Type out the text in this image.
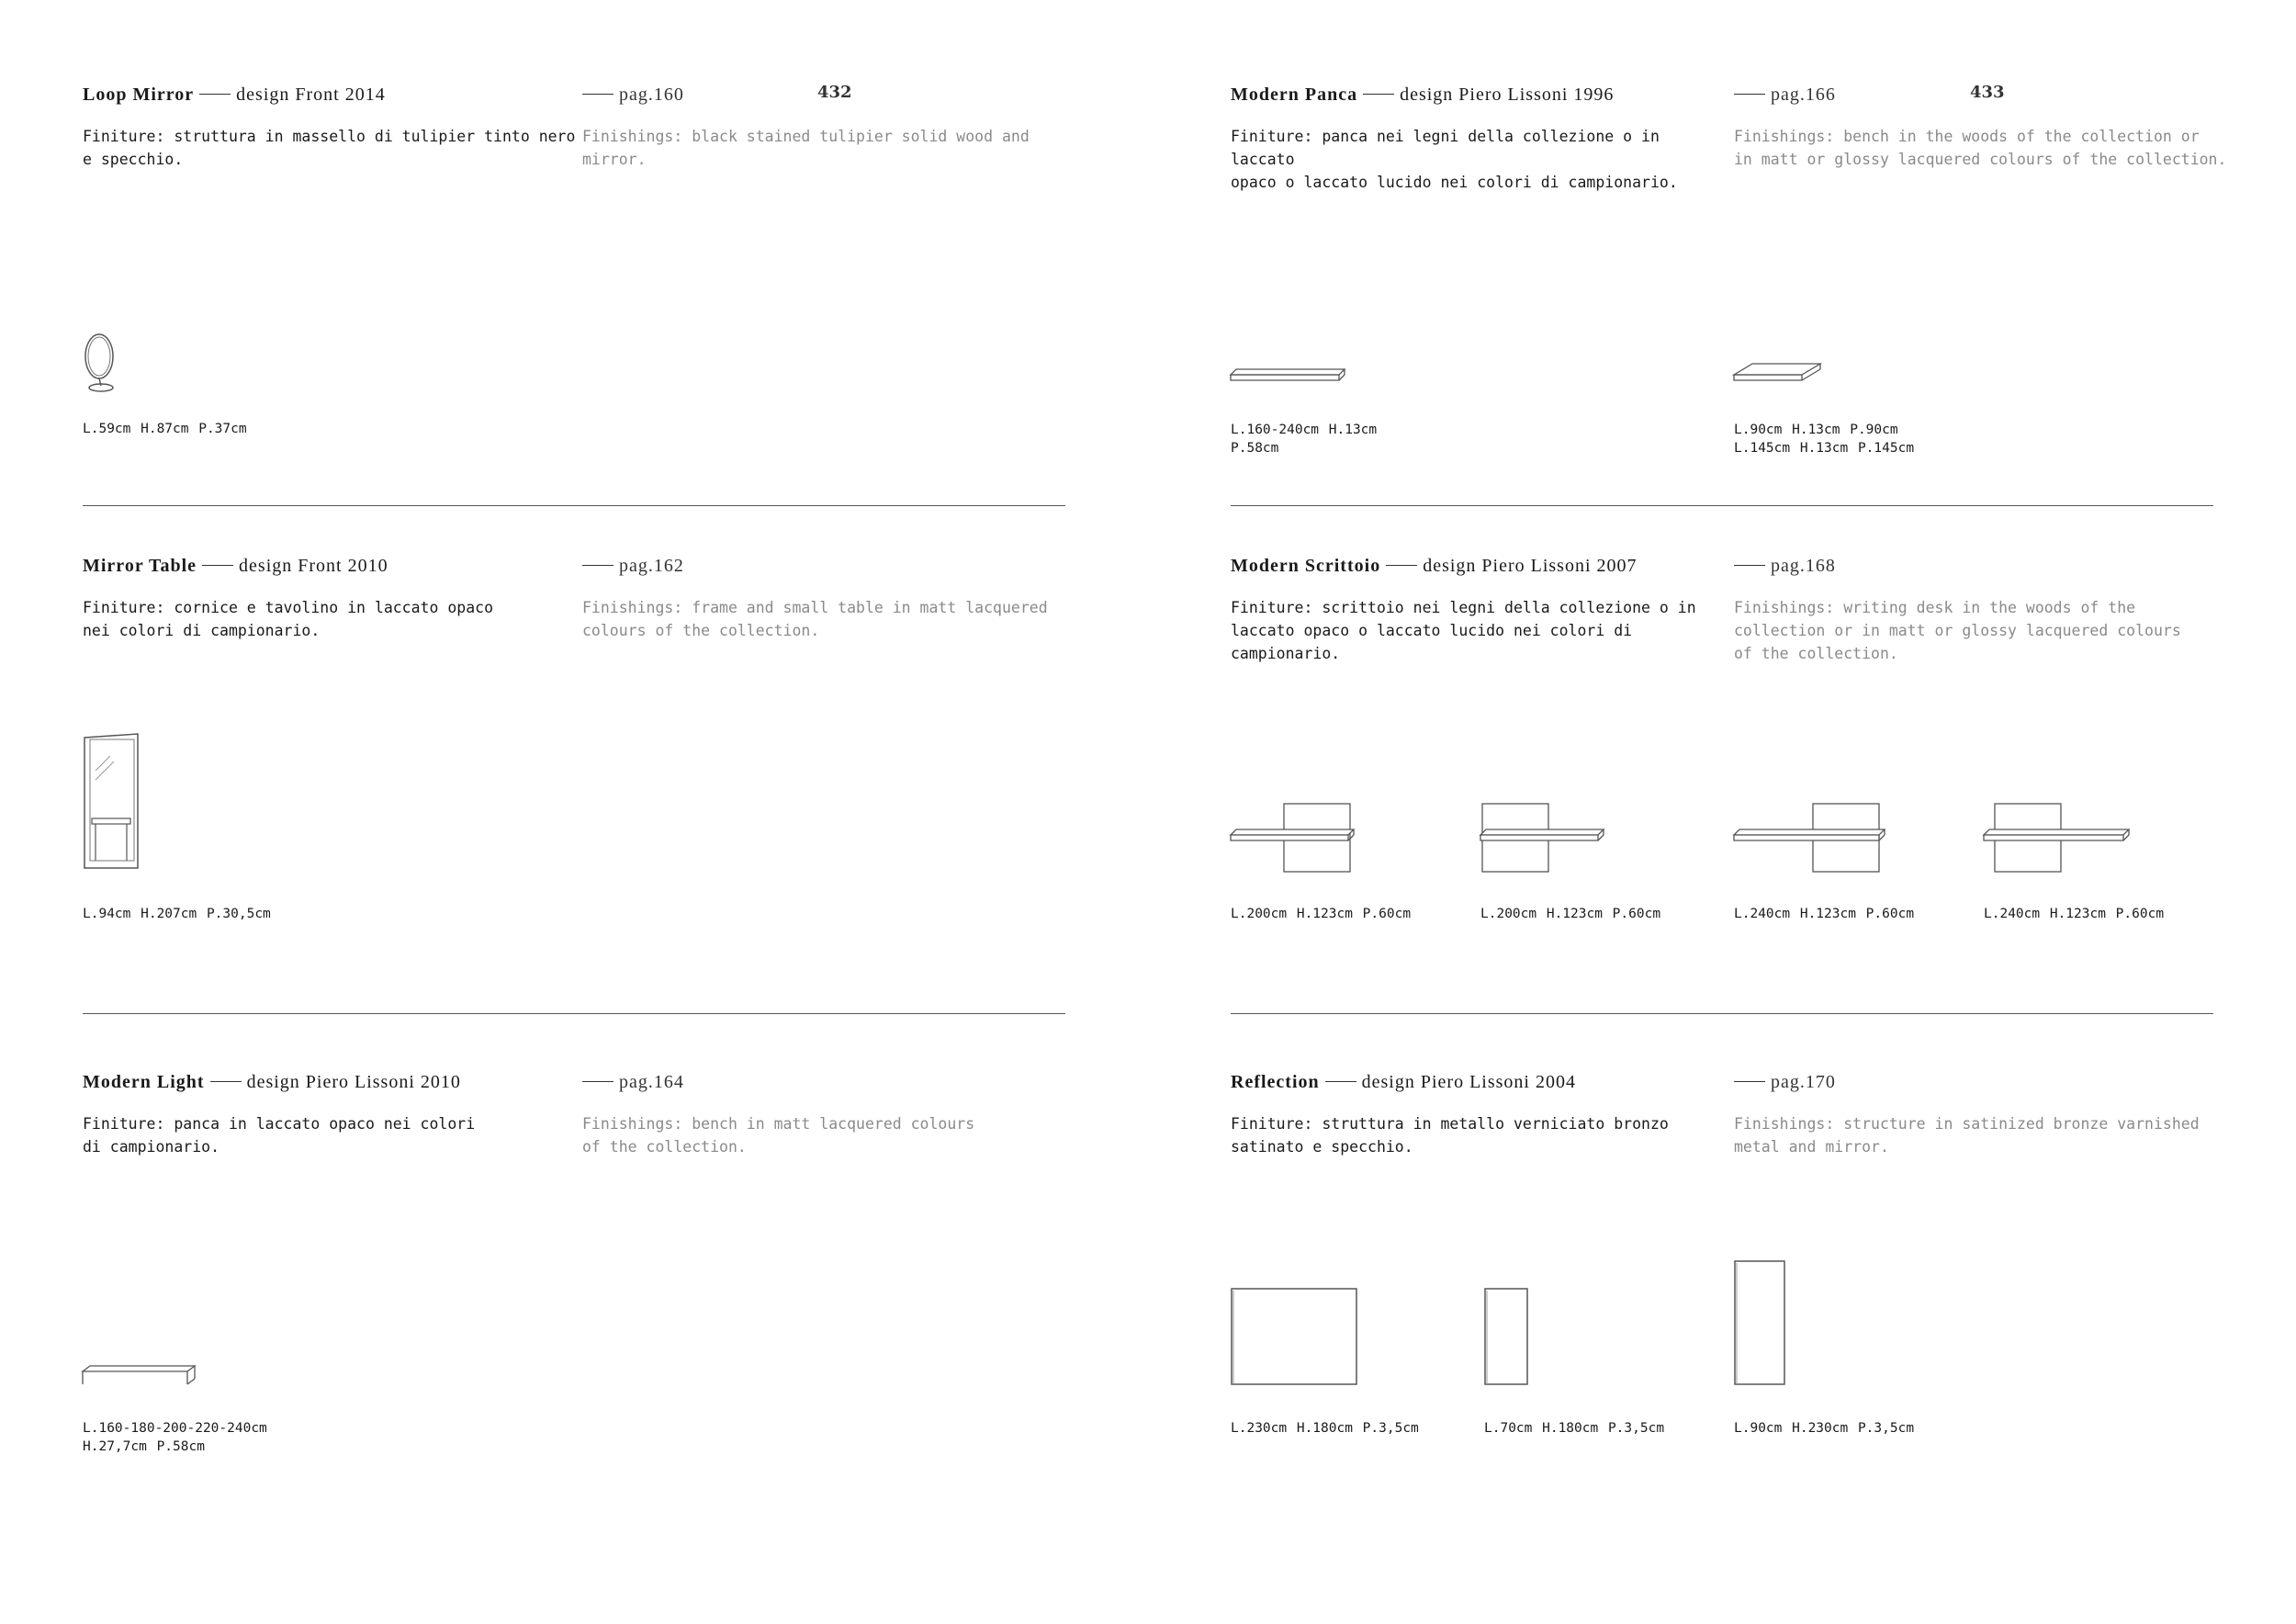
432
Loop Mirror design Front 2014	pag.160
Finiture: struttura in massello di tulipier tinto nero
e specchio.
Finishings: black stained tulipier solid wood and mirror.
L.59cm H.87cm P.37cm
Mirror Table design Front 2010	pag.162
Finiture: cornice e tavolino in laccato opaco
nei colori di campionario.
Finishings: frame and small table in matt lacquered
colours of the collection.
L.94cm H.207cm P.30,5cm
Modern Light design Piero Lissoni 2010	pag.164
Finiture: panca in laccato opaco nei colori
di campionario.
Finishings: bench in matt lacquered colours
of the collection.
L.160-180-200-220-240cm
H.27,7cm P.58cm
433
Modern Panca design Piero Lissoni 1996	pag.166
Finiture: panca nei legni della collezione o in laccato
opaco o laccato lucido nei colori di campionario.
Finishings: bench in the woods of the collection or
in matt or glossy lacquered colours of the collection.
L.160-240cm H.13cm
P.58cm
L.90cm H.13cm P.90cm
L.145cm H.13cm P.145cm
Modern Scrittoio design Piero Lissoni 2007	pag.168
Finiture: scrittoio nei legni della collezione o in
laccato opaco o laccato lucido nei colori di campionario.
Finishings: writing desk in the woods of the
collection or in matt or glossy lacquered colours
of the collection.
L.200cm H.123cm P.60cm	L.200cm H.123cm P.60cm	L.240cm H.123cm P.60cm	L.240cm H.123cm P.60cm
Reflection design Piero Lissoni 2004	pag.170
Finiture: struttura in metallo verniciato bronzo
satinato e specchio.
Finishings: structure in satinized bronze varnished
metal and mirror.
L.230cm H.180cm P.3,5cm	L.70cm H.180cm P.3,5cm	L.90cm H.230cm P.3,5cm
